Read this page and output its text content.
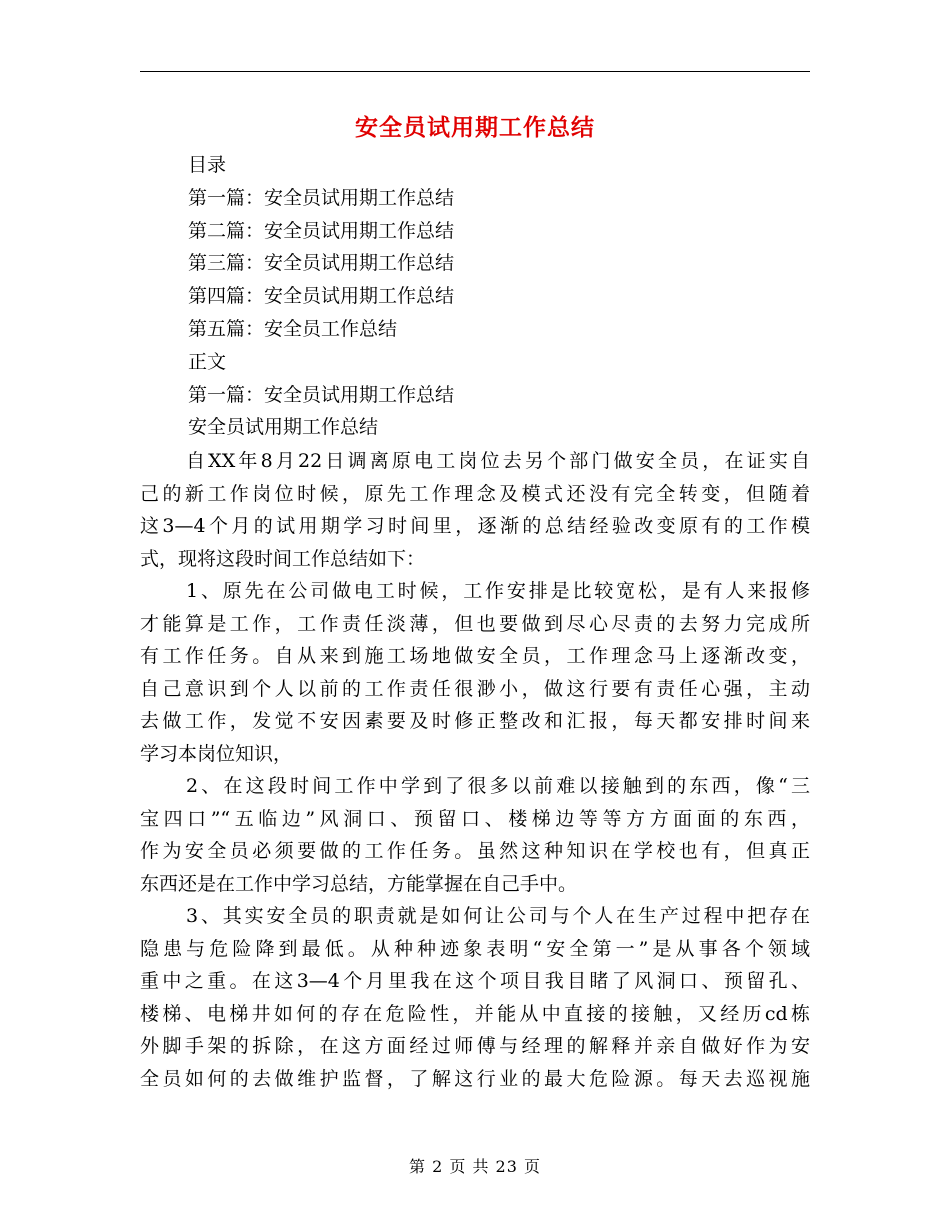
安全员试用期工作总结
目录
第一篇：安全员试用期工作总结
第二篇：安全员试用期工作总结
第三篇：安全员试用期工作总结
第四篇：安全员试用期工作总结
第五篇：安全员工作总结
正文
第一篇：安全员试用期工作总结
安全员试用期工作总结
自XX年8月22日调离原电工岗位去另个部门做安全员，在证实自
己的新工作岗位时候，原先工作理念及模式还没有完全转变，但随着
这3—4个月的试用期学习时间里，逐渐的总结经验改变原有的工作模
式，现将这段时间工作总结如下：
1、原先在公司做电工时候，工作安排是比较宽松，是有人来报修
才能算是工作，工作责任淡薄，但也要做到尽心尽责的去努力完成所
有工作任务。自从来到施工场地做安全员，工作理念马上逐渐改变，
自己意识到个人以前的工作责任很渺小，做这行要有责任心强，主动
去做工作，发觉不安因素要及时修正整改和汇报，每天都安排时间来
学习本岗位知识，
2、在这段时间工作中学到了很多以前难以接触到的东西，像“三
宝四口”“五临边”风洞口、预留口、楼梯边等等方方面面的东西，
作为安全员必须要做的工作任务。虽然这种知识在学校也有，但真正
东西还是在工作中学习总结，方能掌握在自己手中。
3、其实安全员的职责就是如何让公司与个人在生产过程中把存在
隐患与危险降到最低。从种种迹象表明“安全第一”是从事各个领域
重中之重。在这3—4个月里我在这个项目我目睹了风洞口、预留孔、
楼梯、电梯井如何的存在危险性，并能从中直接的接触，又经历cd栋
外脚手架的拆除，在这方面经过师傅与经理的解释并亲自做好作为安
全员如何的去做维护监督，了解这行业的最大危险源。每天去巡视施
第 2 页 共 23 页
